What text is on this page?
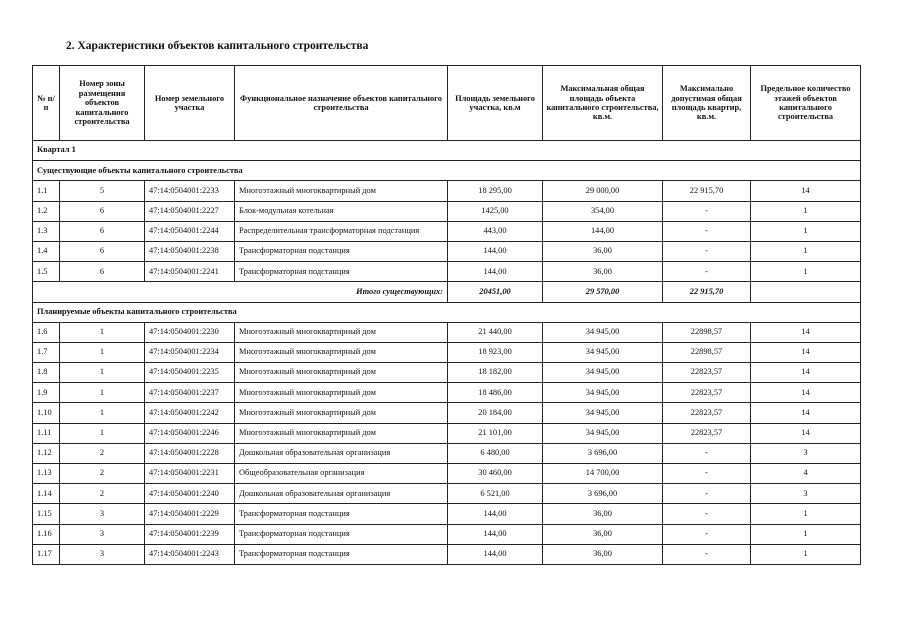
2. Характеристики объектов капитального строительства
№ п/п	Номер зоны размещения объектов капитального строительства	Номер земельного участка	Функциональное назначение объектов капитального строительства	Площадь земельного участка, кв.м	Максимальная общая площадь объекта капитального строительства, кв.м.	Максимально допустимая общая площадь квартир, кв.м.	Предельное количество этажей объектов капитального строительства
Квартал 1							
Существующие объекты капитального строительства							
1.1	5	47:14:0504001:2233	Многоэтажный многоквартирный дом	18 295,00	29 000,00	22 915,70	14
1.2	6	47:14:0504001:2227	Блок-модульная котельная	1425,00	354,00	-	1
1.3	6	47:14:0504001:2244	Распределительная трансформаторная подстанция	443,00	144,00	-	1
1.4	6	47:14:0504001:2238	Трансформаторная подстанция	144,00	36,00	-	1
1.5	6	47:14:0504001:2241	Трансформаторная подстанция	144,00	36,00	-	1
Итого существующих:				20451,00	29 570,00	22 915,70	
Планируемые объекты капитального строительства							
1.6	1	47:14:0504001:2230	Многоэтажный многоквартирный дом	21 440,00	34 945,00	22898,57	14
1.7	1	47:14:0504001:2234	Многоэтажный многоквартирный дом	18 923,00	34 945,00	22898,57	14
1.8	1	47:14:0504001:2235	Многоэтажный многоквартирный дом	18 182,00	34 945,00	22823,57	14
1.9	1	47:14:0504001:2237	Многоэтажный многоквартирный дом	18 486,00	34 945,00	22823,57	14
1.10	1	47:14:0504001:2242	Многоэтажный многоквартирный дом	20 184,00	34 945,00	22823,57	14
1.11	1	47:14:0504001:2246	Многоэтажный многоквартирный дом	21 101,00	34 945,00	22823,57	14
1.12	2	47:14:0504001:2228	Дошкольная образовательная организация	6 480,00	3 696,00	-	3
1.13	2	47:14:0504001:2231	Общеобразовательная организация	30 460,00	14 700,00	-	4
1.14	2	47:14:0504001:2240	Дошкольная образовательная организация	6 521,00	3 696,00	-	3
1.15	3	47:14:0504001:2229	Трансформаторная подстанция	144,00	36,00	-	1
1.16	3	47:14:0504001:2239	Трансформаторная подстанция	144,00	36,00	-	1
1.17	3	47:14:0504001:2243	Трансформаторная подстанция	144,00	36,00	-	1
